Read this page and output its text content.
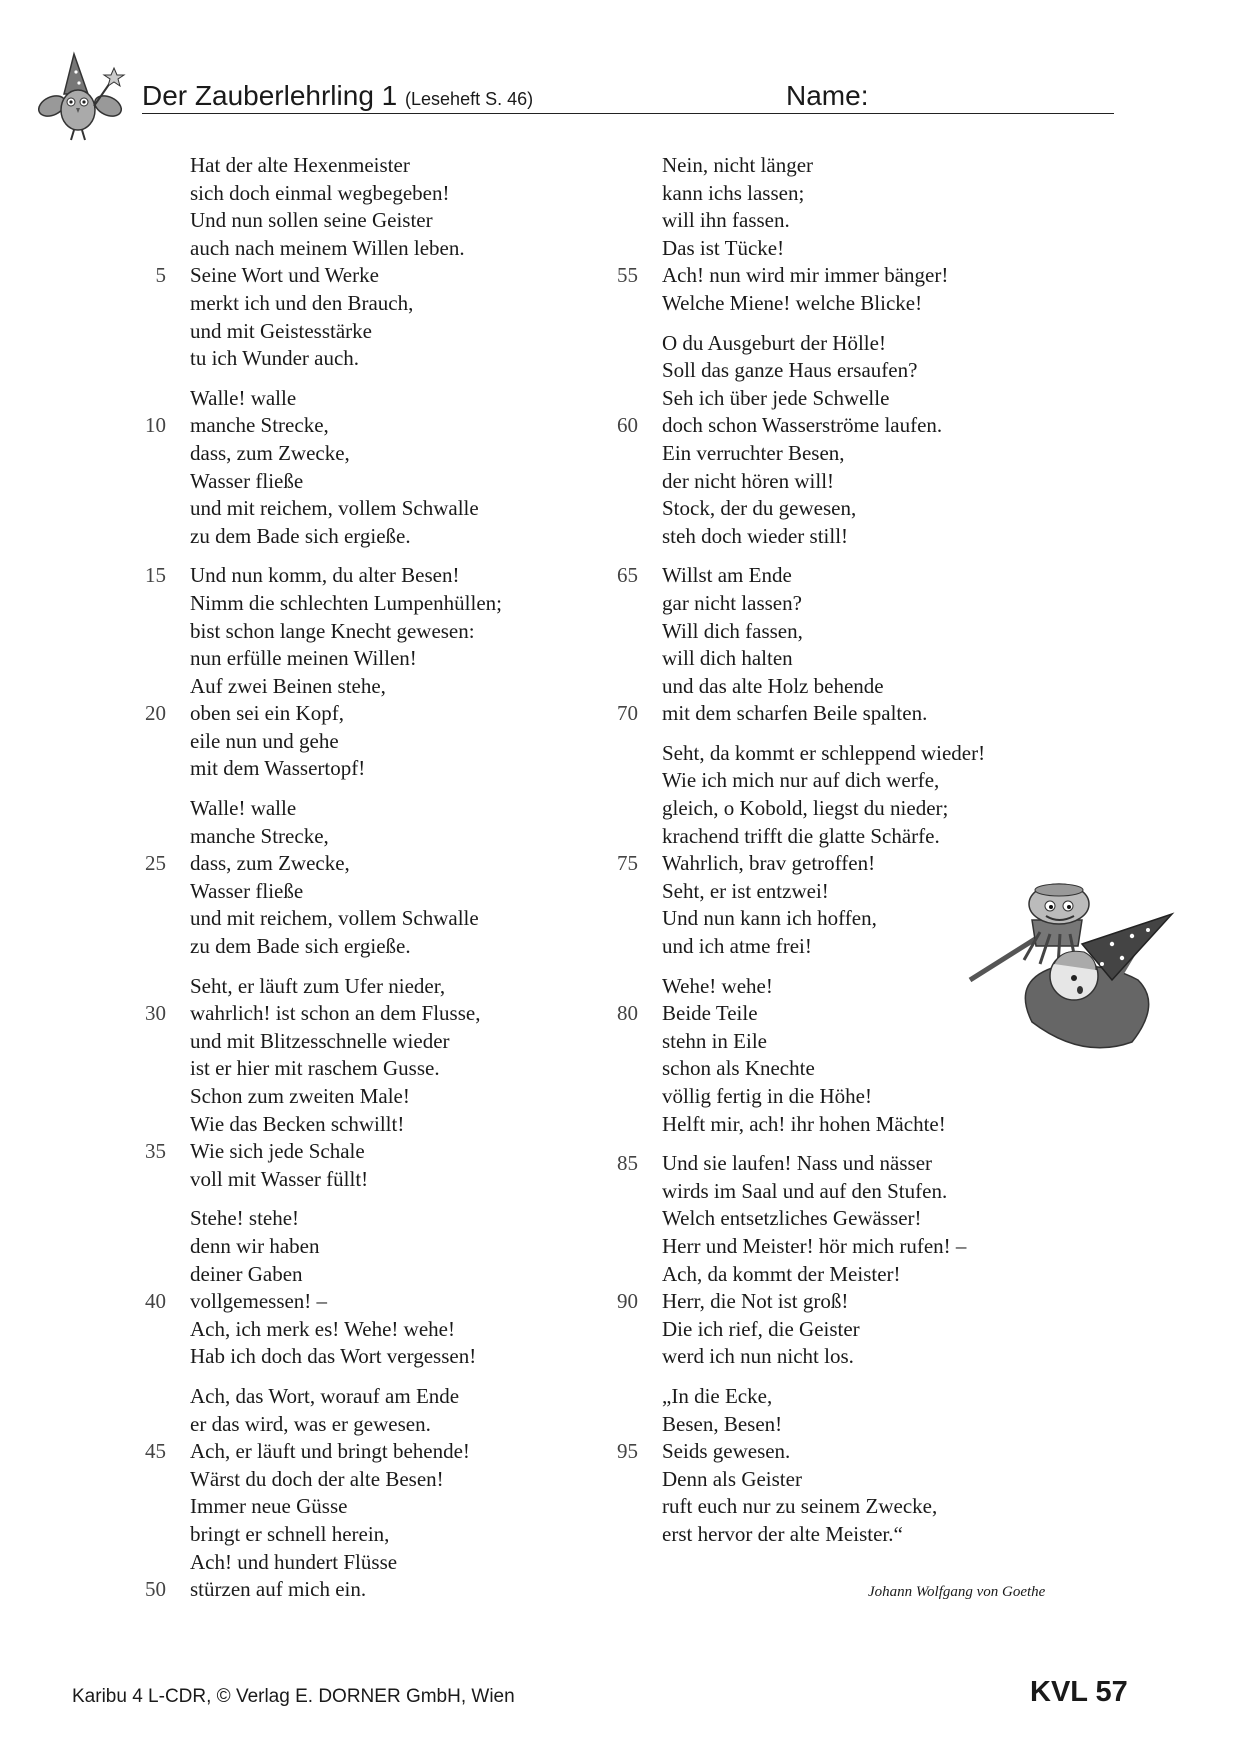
Der Zauberlehrling 1 (Leseheft S. 46)	Name:
Hat der alte Hexenmeister
sich doch einmal wegbegeben!
Und nun sollen seine Geister
auch nach meinem Willen leben.
5 Seine Wort und Werke
merkt ich und den Brauch,
und mit Geistesstärke
tu ich Wunder auch.
Walle! walle
10 manche Strecke,
dass, zum Zwecke,
Wasser fließe
und mit reichem, vollem Schwalle
zu dem Bade sich ergieße.
15 Und nun komm, du alter Besen!
Nimm die schlechten Lumpenhüllen;
bist schon lange Knecht gewesen:
nun erfülle meinen Willen!
Auf zwei Beinen stehe,
20 oben sei ein Kopf,
eile nun und gehe
mit dem Wassertopf!
Walle! walle
manche Strecke,
25 dass, zum Zwecke,
Wasser fließe
und mit reichem, vollem Schwalle
zu dem Bade sich ergieße.
Seht, er läuft zum Ufer nieder,
30 wahrlich! ist schon an dem Flusse,
und mit Blitzesschnelle wieder
ist er hier mit raschem Gusse.
Schon zum zweiten Male!
Wie das Becken schwillt!
35 Wie sich jede Schale
voll mit Wasser füllt!
Stehe! stehe!
denn wir haben
deiner Gaben
40 vollgemessen! –
Ach, ich merk es! Wehe! wehe!
Hab ich doch das Wort vergessen!
Ach, das Wort, worauf am Ende
er das wird, was er gewesen.
45 Ach, er läuft und bringt behende!
Wärst du doch der alte Besen!
Immer neue Güsse
bringt er schnell herein,
Ach! und hundert Flüsse
50 stürzen auf mich ein.
Nein, nicht länger
kann ichs lassen;
will ihn fassen.
Das ist Tücke!
55 Ach! nun wird mir immer bänger!
Welche Miene! welche Blicke!
O du Ausgeburt der Hölle!
Soll das ganze Haus ersaufen?
Seh ich über jede Schwelle
60 doch schon Wasserströme laufen.
Ein verruchter Besen,
der nicht hören will!
Stock, der du gewesen,
steh doch wieder still!
65 Willst am Ende
gar nicht lassen?
Will dich fassen,
will dich halten
und das alte Holz behende
70 mit dem scharfen Beile spalten.
Seht, da kommt er schleppend wieder!
Wie ich mich nur auf dich werfe,
gleich, o Kobold, liegst du nieder;
krachend trifft die glatte Schärfe.
75 Wahrlich, brav getroffen!
Seht, er ist entzwei!
Und nun kann ich hoffen,
und ich atme frei!
Wehe! wehe!
80 Beide Teile
stehn in Eile
schon als Knechte
völlig fertig in die Höhe!
Helft mir, ach! ihr hohen Mächte!
85 Und sie laufen! Nass und nässer
wirds im Saal und auf den Stufen.
Welch entsetzliches Gewässer!
Herr und Meister! hör mich rufen! –
Ach, da kommt der Meister!
90 Herr, die Not ist groß!
Die ich rief, die Geister
werd ich nun nicht los.
„In die Ecke,
Besen, Besen!
95 Seids gewesen.
Denn als Geister
ruft euch nur zu seinem Zwecke,
erst hervor der alte Meister.“
Johann Wolfgang von Goethe
Karibu 4 L-CDR, © Verlag E. DORNER GmbH, Wien	KVL 57
